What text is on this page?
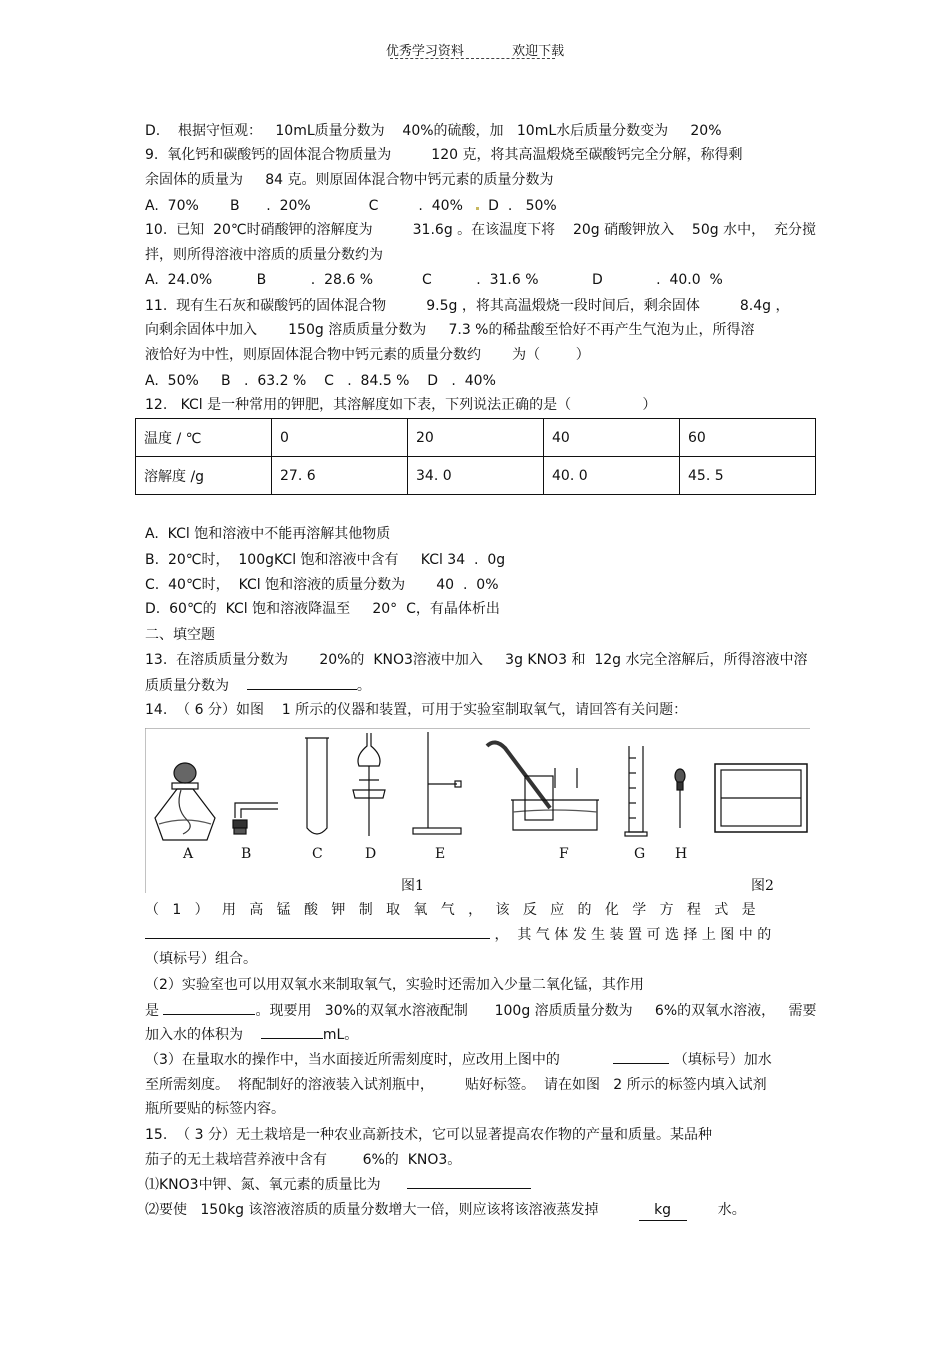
优秀学习资料	欢迎下载
D.    根据守恒观：   10mL质量分数为    40%的硫酸，加   10mL水后质量分数变为     20%
9.  氧化钙和碳酸钙的固体混合物质量为         120 克，将其高温煅烧至碳酸钙完全分解，称得剩
余固体的质量为     84 克。则原固体混合物中钙元素的质量分数为
A.  70%       B      .  20%             C         .  40% D  .   50%
10.  已知  20℃时硝酸钾的溶解度为         31.6g 。在该温度下将    20g 硝酸钾放入    50g 水中，  充分搅
拌，则所得溶液中溶质的质量分数约为
A.  24.0%          B          .  28.6 %           C          .  31.6 %            D            .  40.0  %
11.  现有生石灰和碳酸钙的固体混合物         9.5g ，将其高温煅烧一段时间后，剩余固体         8.4g ，
向剩余固体中加入       150g 溶质质量分数为     7.3 %的稀盐酸至恰好不再产生气泡为止，所得溶
液恰好为中性，则原固体混合物中钙元素的质量分数约 为（        ）
A.  50%     B   .  63.2 %    C   .  84.5 %    D   .  40%
12.   KCl 是一种常用的钾肥，其溶解度如下表，下列说法正确的是（                ）
温度 / ℃	0	20	40	60
溶解度 /g	27. 6	34. 0	40. 0	45. 5
A.  KCl 饱和溶液中不能再溶解其他物质
B.  20℃时，  100gKCl 饱和溶液中含有     KCl 34  .  0g
C.  40℃时，  KCl 饱和溶液的质量分数为       40  .  0%
D.  60℃的  KCl 饱和溶液降温至     20°  C，有晶体析出
二、填空题
13.  在溶质质量分数为       20%的  KNO3溶液中加入     3g KNO3 和  12g 水完全溶解后，所得溶液中溶
质质量分数为	。
14.  （ 6 分）如图    1 所示的仪器和装置，可用于实验室制取氧气，请回答有关问题：
A	B	C	D	E	F	G H
图1	图2
（   1   ）   用   高   锰   酸   钾   制   取   氧   气   ，   该   反   应   的   化   学   方   程   式   是
，  其 气 体 发 生 装 置 可 选 择 上 图 中 的
（填标号）组合。
（2）实验室也可以用双氧水来制取氧气，实验时还需加入少量二氧化锰，其作用
是	。现要用   30%的双氧水溶液配制      100g 溶质质量分数为     6%的双氧水溶液，   需要
加入水的体积为	mL。
（3）在量取水的操作中，当水面接近所需刻度时，应改用上图中的	（填标号）加水
至所需刻度。  将配制好的溶液装入试剂瓶中，       贴好标签。  请在如图   2 所示的标签内填入试剂
瓶所要贴的标签内容。
15.  （ 3 分）无土栽培是一种农业高新技术，它可以显著提高农作物的产量和质量。某品种
茄子的无土栽培营养液中含有        6%的  KNO3。
⑴KNO3中钾、氮、氧元素的质量比为
⑵要使   150kg 该溶液溶质的质量分数增大一倍，则应该将该溶液蒸发掉	kg	水。
